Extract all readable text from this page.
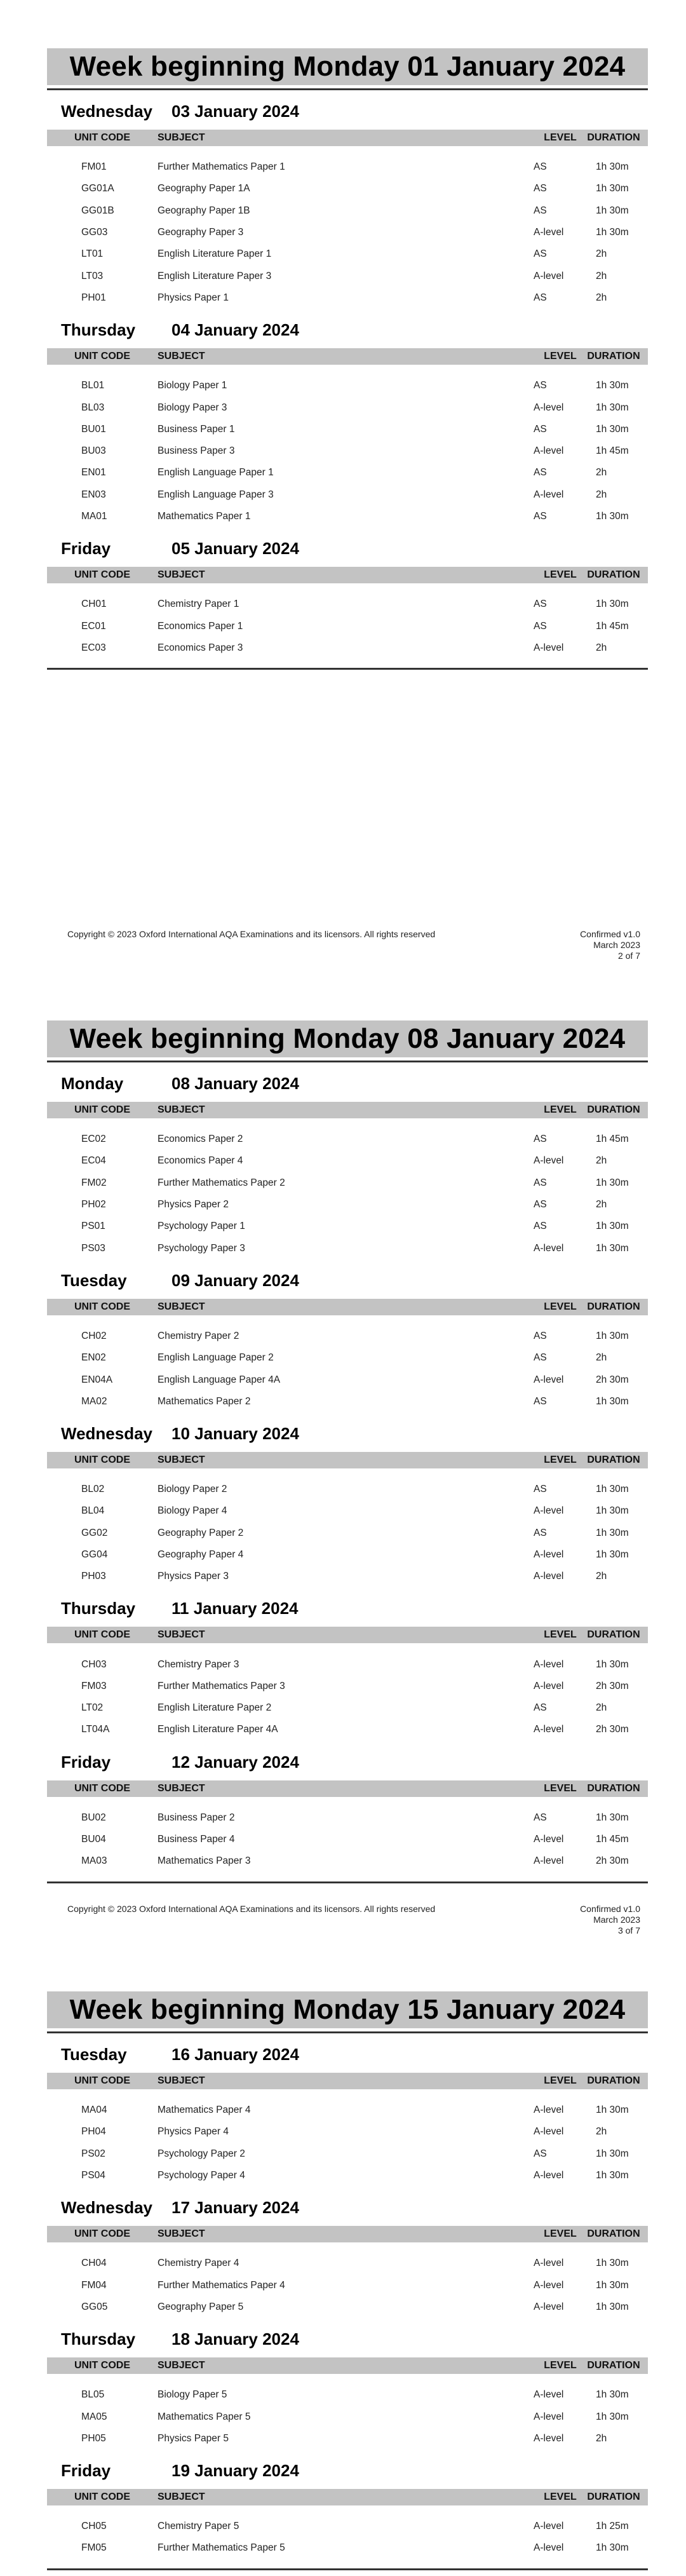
Week beginning Monday 01 January 2024
Wednesday	03 January 2024
UNIT CODE	SUBJECT	LEVEL	DURATION
FM01	Further Mathematics Paper 1	AS	1h 30m
GG01A	Geography Paper 1A	AS	1h 30m
GG01B	Geography Paper 1B	AS	1h 30m
GG03	Geography Paper 3	A-level	1h 30m
LT01	English Literature Paper 1	AS	2h
LT03	English Literature Paper 3	A-level	2h
PH01	Physics Paper 1	AS	2h
Thursday	04 January 2024
UNIT CODE	SUBJECT	LEVEL	DURATION
BL01	Biology Paper 1	AS	1h 30m
BL03	Biology Paper 3	A-level	1h 30m
BU01	Business Paper 1	AS	1h 30m
BU03	Business Paper 3	A-level	1h 45m
EN01	English Language Paper 1	AS	2h
EN03	English Language Paper 3	A-level	2h
MA01	Mathematics Paper 1	AS	1h 30m
Friday	05 January 2024
UNIT CODE	SUBJECT	LEVEL	DURATION
CH01	Chemistry Paper 1	AS	1h 30m
EC01	Economics Paper 1	AS	1h 45m
EC03	Economics Paper 3	A-level	2h
Copyright © 2023 Oxford International AQA Examinations and its licensors. All rights reserved	Confirmed v1.0
March 2023
2 of 7
Week beginning Monday 08 January 2024
Monday	08 January 2024
UNIT CODE	SUBJECT	LEVEL	DURATION
EC02	Economics Paper 2	AS	1h 45m
EC04	Economics Paper 4	A-level	2h
FM02	Further Mathematics Paper 2	AS	1h 30m
PH02	Physics Paper 2	AS	2h
PS01	Psychology Paper 1	AS	1h 30m
PS03	Psychology Paper 3	A-level	1h 30m
Tuesday	09 January 2024
UNIT CODE	SUBJECT	LEVEL	DURATION
CH02	Chemistry Paper 2	AS	1h 30m
EN02	English Language Paper 2	AS	2h
EN04A	English Language Paper 4A	A-level	2h 30m
MA02	Mathematics Paper 2	AS	1h 30m
Wednesday	10 January 2024
UNIT CODE	SUBJECT	LEVEL	DURATION
BL02	Biology Paper 2	AS	1h 30m
BL04	Biology Paper 4	A-level	1h 30m
GG02	Geography Paper 2	AS	1h 30m
GG04	Geography Paper 4	A-level	1h 30m
PH03	Physics Paper 3	A-level	2h
Thursday	11 January 2024
UNIT CODE	SUBJECT	LEVEL	DURATION
CH03	Chemistry Paper 3	A-level	1h 30m
FM03	Further Mathematics Paper 3	A-level	2h 30m
LT02	English Literature Paper 2	AS	2h
LT04A	English Literature Paper 4A	A-level	2h 30m
Friday	12 January 2024
UNIT CODE	SUBJECT	LEVEL	DURATION
BU02	Business Paper 2	AS	1h 30m
BU04	Business Paper 4	A-level	1h 45m
MA03	Mathematics Paper 3	A-level	2h 30m
Copyright © 2023 Oxford International AQA Examinations and its licensors. All rights reserved	Confirmed v1.0
March 2023
3 of 7
Week beginning Monday 15 January 2024
Tuesday	16 January 2024
UNIT CODE	SUBJECT	LEVEL	DURATION
MA04	Mathematics Paper 4	A-level	1h 30m
PH04	Physics Paper 4	A-level	2h
PS02	Psychology Paper 2	AS	1h 30m
PS04	Psychology Paper 4	A-level	1h 30m
Wednesday	17 January 2024
UNIT CODE	SUBJECT	LEVEL	DURATION
CH04	Chemistry Paper 4	A-level	1h 30m
FM04	Further Mathematics Paper 4	A-level	1h 30m
GG05	Geography Paper 5	A-level	1h 30m
Thursday	18 January 2024
UNIT CODE	SUBJECT	LEVEL	DURATION
BL05	Biology Paper 5	A-level	1h 30m
MA05	Mathematics Paper 5	A-level	1h 30m
PH05	Physics Paper 5	A-level	2h
Friday	19 January 2024
UNIT CODE	SUBJECT	LEVEL	DURATION
CH05	Chemistry Paper 5	A-level	1h 25m
FM05	Further Mathematics Paper 5	A-level	1h 30m
